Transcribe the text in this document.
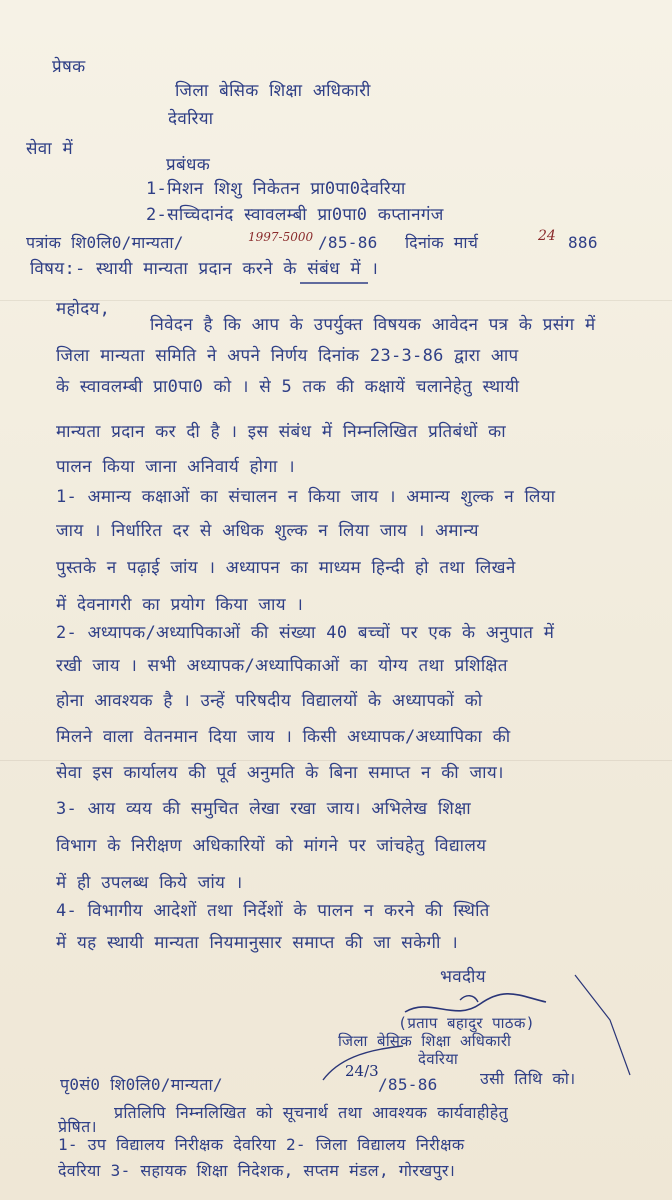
प्रेषक
जिला बेसिक शिक्षा अधिकारी
देवरिया
सेवा में
प्रबंधक
1-मिशन शिशु निकेतन प्रा0पा0देवरिया
2-सच्चिदानंद स्वावलम्बी प्रा0पा0 कप्तानगंज
पत्रांक शि0लि0/मान्यता/	1997-5000 /85-86 दिनांक मार्च	24 886
विषय:- स्थायी मान्यता प्रदान करने के संबंध में ।
महोदय,
निवेदन है कि आप के उपर्युक्त विषयक आवेदन पत्र के प्रसंग में
जिला मान्यता समिति ने अपने निर्णय दिनांक 23-3-86 द्वारा आप
के स्वावलम्बी प्रा0पा0 को । से 5 तक की कक्षायें चलानेहेतु स्थायी
मान्यता प्रदान कर दी है । इस संबंध में निम्नलिखित प्रतिबंधों का
पालन किया जाना अनिवार्य होगा ।
1- अमान्य कक्षाओं का संचालन न किया जाय । अमान्य शुल्क न लिया
जाय । निर्धारित दर से अधिक शुल्क न लिया जाय । अमान्य
पुस्तके न पढ़ाई जांय । अध्यापन का माध्यम हिन्दी हो तथा लिखने
में देवनागरी का प्रयोग किया जाय ।
2- अध्यापक/अध्यापिकाओं की संख्या 40 बच्चों पर एक के अनुपात में
रखी जाय । सभी अध्यापक/अध्यापिकाओं का योग्य तथा प्रशिक्षित
होना आवश्यक है । उन्हें परिषदीय विद्यालयों के अध्यापकों को
मिलने वाला वेतनमान दिया जाय । किसी अध्यापक/अध्यापिका की
सेवा इस कार्यालय की पूर्व अनुमति के बिना समाप्त न की जाय।
3- आय व्यय की समुचित लेखा रखा जाय। अभिलेख शिक्षा
विभाग के निरीक्षण अधिकारियों को मांगने पर जांचहेतु विद्यालय
में ही उपलब्ध किये जांय ।
4- विभागीय आदेशों तथा निर्देशों के पालन न करने की स्थिति
में यह स्थायी मान्यता नियमानुसार समाप्त की जा सकेगी ।
भवदीय
(प्रताप बहादुर पाठक)
जिला बेसिक शिक्षा अधिकारी
देवरिया
पृ0सं0 शि0लि0/मान्यता/
24/3
/85-86	उसी तिथि को।
प्रतिलिपि निम्नलिखित को सूचनार्थ तथा आवश्यक कार्यवाहीहेतु
प्रेषित।
1- उप विद्यालय निरीक्षक देवरिया 2- जिला विद्यालय निरीक्षक
देवरिया 3- सहायक शिक्षा निदेशक, सप्तम मंडल, गोरखपुर।
